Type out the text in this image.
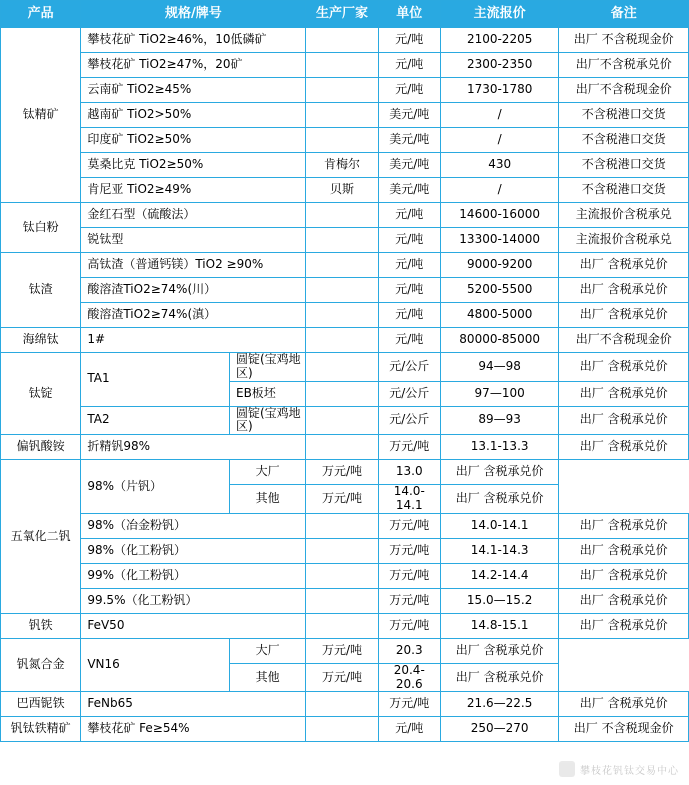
产品	规格/牌号		生产厂家	单位	主流报价	备注
钛精矿	攀枝花矿 TiO2≥46%，10低磷矿			元/吨	2100-2205	出厂 不含税现金价
	攀枝花矿 TiO2≥47%，20矿			元/吨	2300-2350	出厂不含税承兑价
	云南矿 TiO2≥45%			元/吨	1730-1780	出厂不含税现金价
	越南矿 TiO2>50%			美元/吨	/	不含税港口交货
	印度矿 TiO2≥50%			美元/吨	/	不含税港口交货
	莫桑比克 TiO2≥50%		肯梅尔	美元/吨	430	不含税港口交货
	肯尼亚 TiO2≥49%		贝斯	美元/吨	/	不含税港口交货
钛白粉	金红石型（硫酸法）			元/吨	14600-16000	主流报价含税承兑
	锐钛型			元/吨	13300-14000	主流报价含税承兑
钛渣	高钛渣（普通钙镁）TiO2 ≥90%			元/吨	9000-9200	出厂 含税承兑价
	酸溶渣TiO2≥74%(川）			元/吨	5200-5500	出厂 含税承兑价
	酸溶渣TiO2≥74%(滇）			元/吨	4800-5000	出厂 含税承兑价
海绵钛	1#			元/吨	80000-85000	出厂不含税现金价
钛锭	TA1	圆锭(宝鸡地区)		元/公斤	94—98	出厂 含税承兑价
		EB板坯		元/公斤	97—100	出厂 含税承兑价
	TA2	圆锭(宝鸡地区)		元/公斤	89—93	出厂 含税承兑价
偏钒酸铵	折精钒98%			万元/吨	13.1-13.3	出厂 含税承兑价
五氧化二钒	98%（片钒）	大厂	万元/吨	13.0	出厂 含税承兑价	
		其他	万元/吨	14.0-14.1	出厂 含税承兑价	
	98%（冶金粉钒）			万元/吨	14.0-14.1	出厂 含税承兑价
	98%（化工粉钒）			万元/吨	14.1-14.3	出厂 含税承兑价
	99%（化工粉钒）			万元/吨	14.2-14.4	出厂 含税承兑价
	99.5%（化工粉钒）			万元/吨	15.0—15.2	出厂 含税承兑价
钒铁	FeV50			万元/吨	14.8-15.1	出厂 含税承兑价
钒氮合金	VN16	大厂	万元/吨	20.3	出厂 含税承兑价	
		其他	万元/吨	20.4-20.6	出厂 含税承兑价	
巴西铌铁	FeNb65			万元/吨	21.6—22.5	出厂 含税承兑价
钒钛铁精矿	攀枝花矿 Fe≥54%			元/吨	250—270	出厂 不含税现金价
攀枝花钒钛交易中心
